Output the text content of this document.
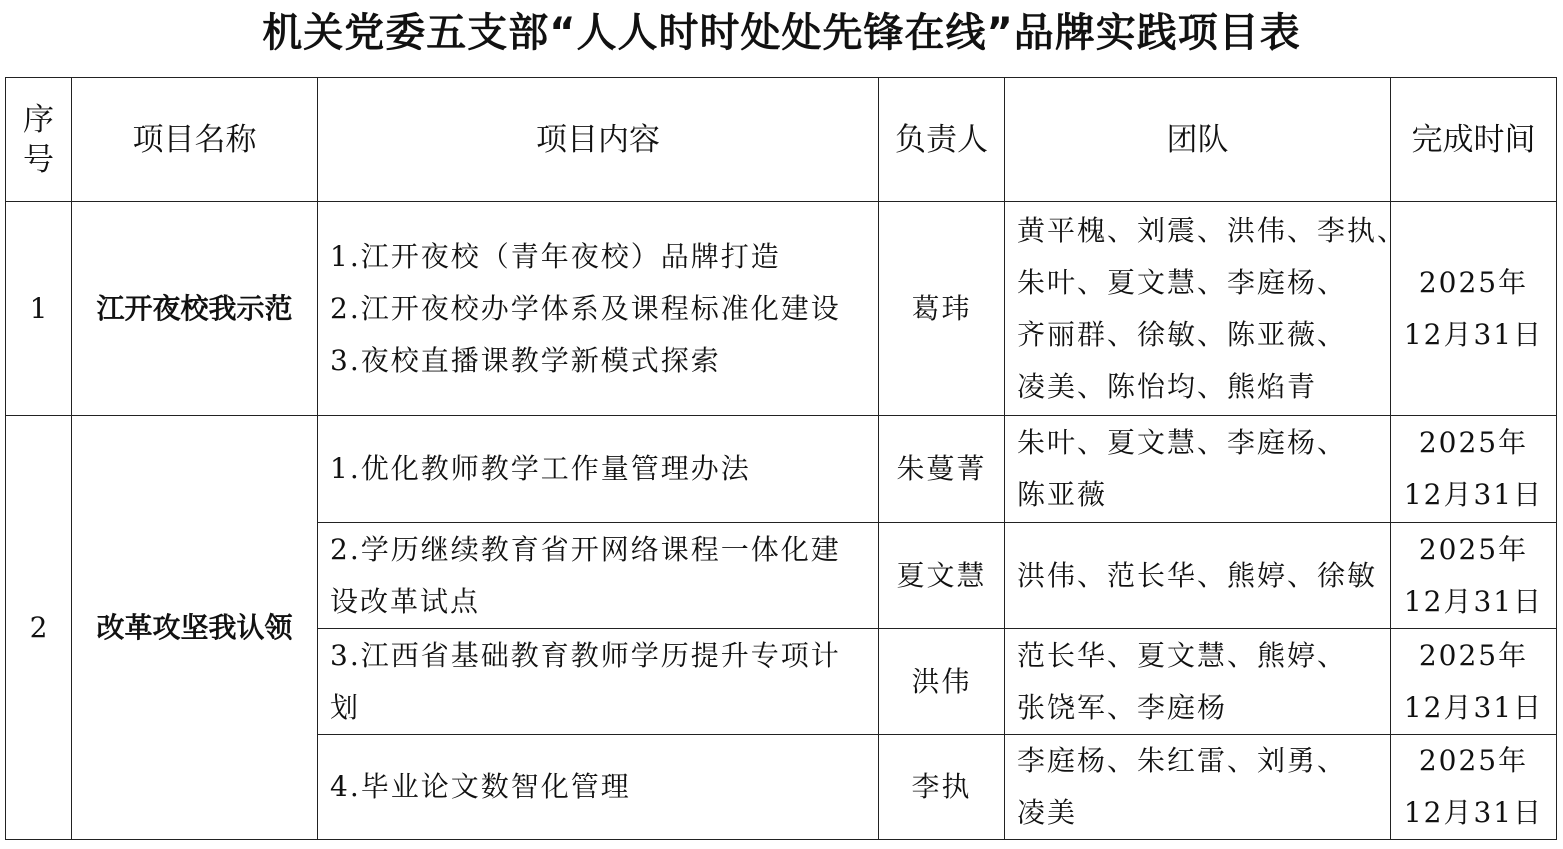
机关党委五支部“人人时时处处先锋在线”品牌实践项目表
序
号	项目名称	项目内容	负责人	团队	完成时间
1	江开夜校我示范	1.江开夜校（青年夜校）品牌打造
2.江开夜校办学体系及课程标准化建设
3.夜校直播课教学新模式探索	葛玮	黄平槐、刘震、洪伟、李执、
朱叶、夏文慧、李庭杨、
齐丽群、徐敏、陈亚薇、
凌美、陈怡均、熊焰青	2025年
12月31日

2	改革攻坚我认领	1.优化教师教学工作量管理办法	朱蔓菁	朱叶、夏文慧、李庭杨、
陈亚薇	2025年
12月31日

		2.学历继续教育省开网络课程一体化建
设改革试点	夏文慧	洪伟、范长华、熊婷、徐敏	2025年
12月31日

		3.江西省基础教育教师学历提升专项计
划	洪伟	范长华、夏文慧、熊婷、
张饶军、李庭杨	2025年
12月31日

		4.毕业论文数智化管理	李执	李庭杨、朱红雷、刘勇、
凌美	2025年
12月31日
